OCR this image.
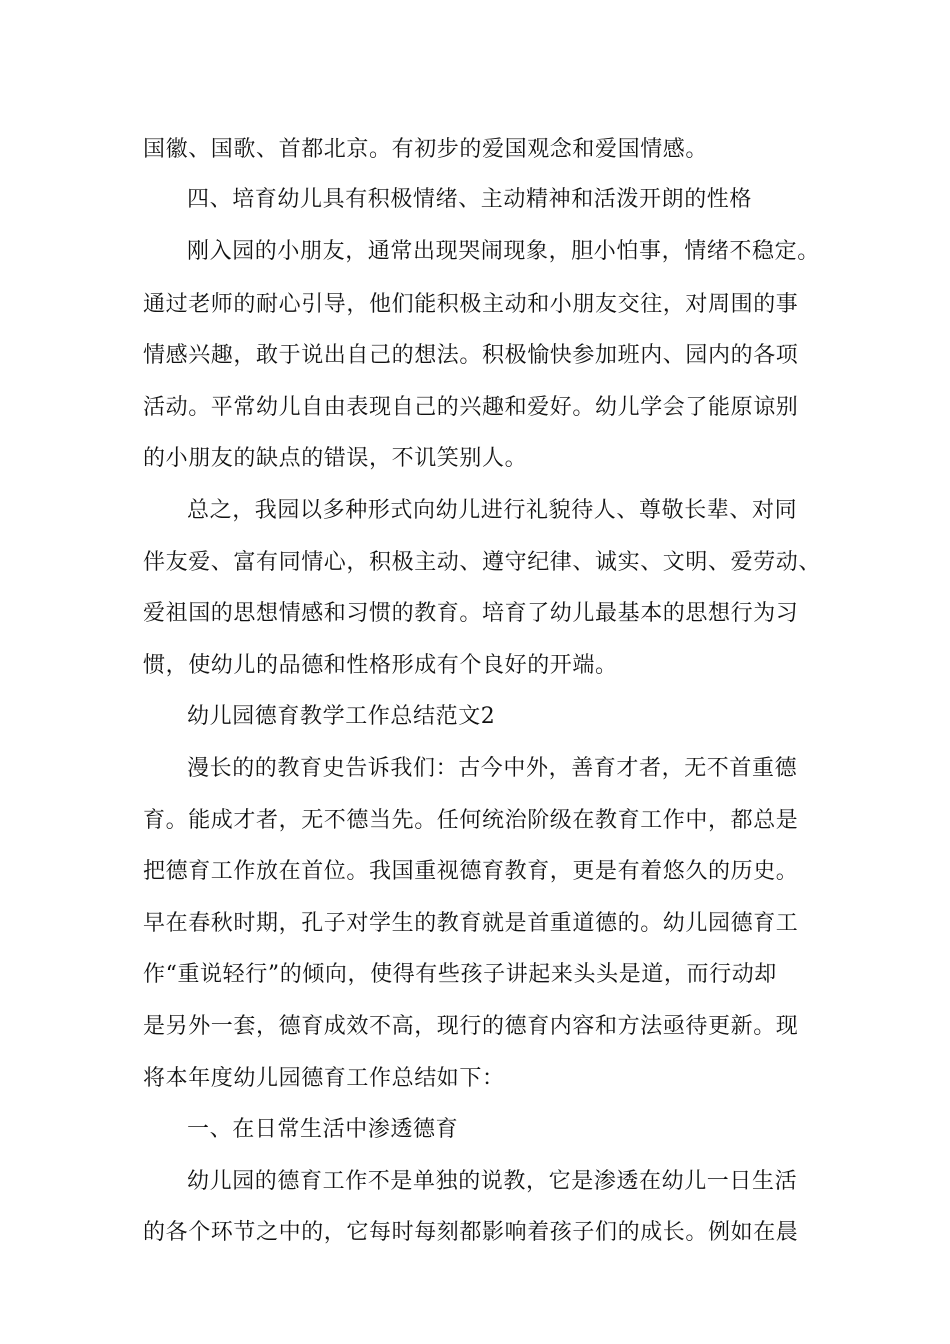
国徽、国歌、首都北京。有初步的爱国观念和爱国情感。
四、培育幼儿具有积极情绪、主动精神和活泼开朗的性格
刚入园的小朋友，通常出现哭闹现象，胆小怕事，情绪不稳定。
通过老师的耐心引导，他们能积极主动和小朋友交往，对周围的事
情感兴趣，敢于说出自己的想法。积极愉快参加班内、园内的各项
活动。平常幼儿自由表现自己的兴趣和爱好。幼儿学会了能原谅别
的小朋友的缺点的错误，不讥笑别人。
总之，我园以多种形式向幼儿进行礼貌待人、尊敬长辈、对同
伴友爱、富有同情心，积极主动、遵守纪律、诚实、文明、爱劳动、
爱祖国的思想情感和习惯的教育。培育了幼儿最基本的思想行为习
惯，使幼儿的品德和性格形成有个良好的开端。
幼儿园德育教学工作总结范文2
漫长的的教育史告诉我们：古今中外，善育才者，无不首重德
育。能成才者，无不德当先。任何统治阶级在教育工作中，都总是
把德育工作放在首位。我国重视德育教育，更是有着悠久的历史。
早在春秋时期，孔子对学生的教育就是首重道德的。幼儿园德育工
作“重说轻行”的倾向，使得有些孩子讲起来头头是道，而行动却
是另外一套，德育成效不高，现行的德育内容和方法亟待更新。现
将本年度幼儿园德育工作总结如下：
一、在日常生活中渗透德育
幼儿园的德育工作不是单独的说教，它是渗透在幼儿一日生活
的各个环节之中的，它每时每刻都影响着孩子们的成长。例如在晨
